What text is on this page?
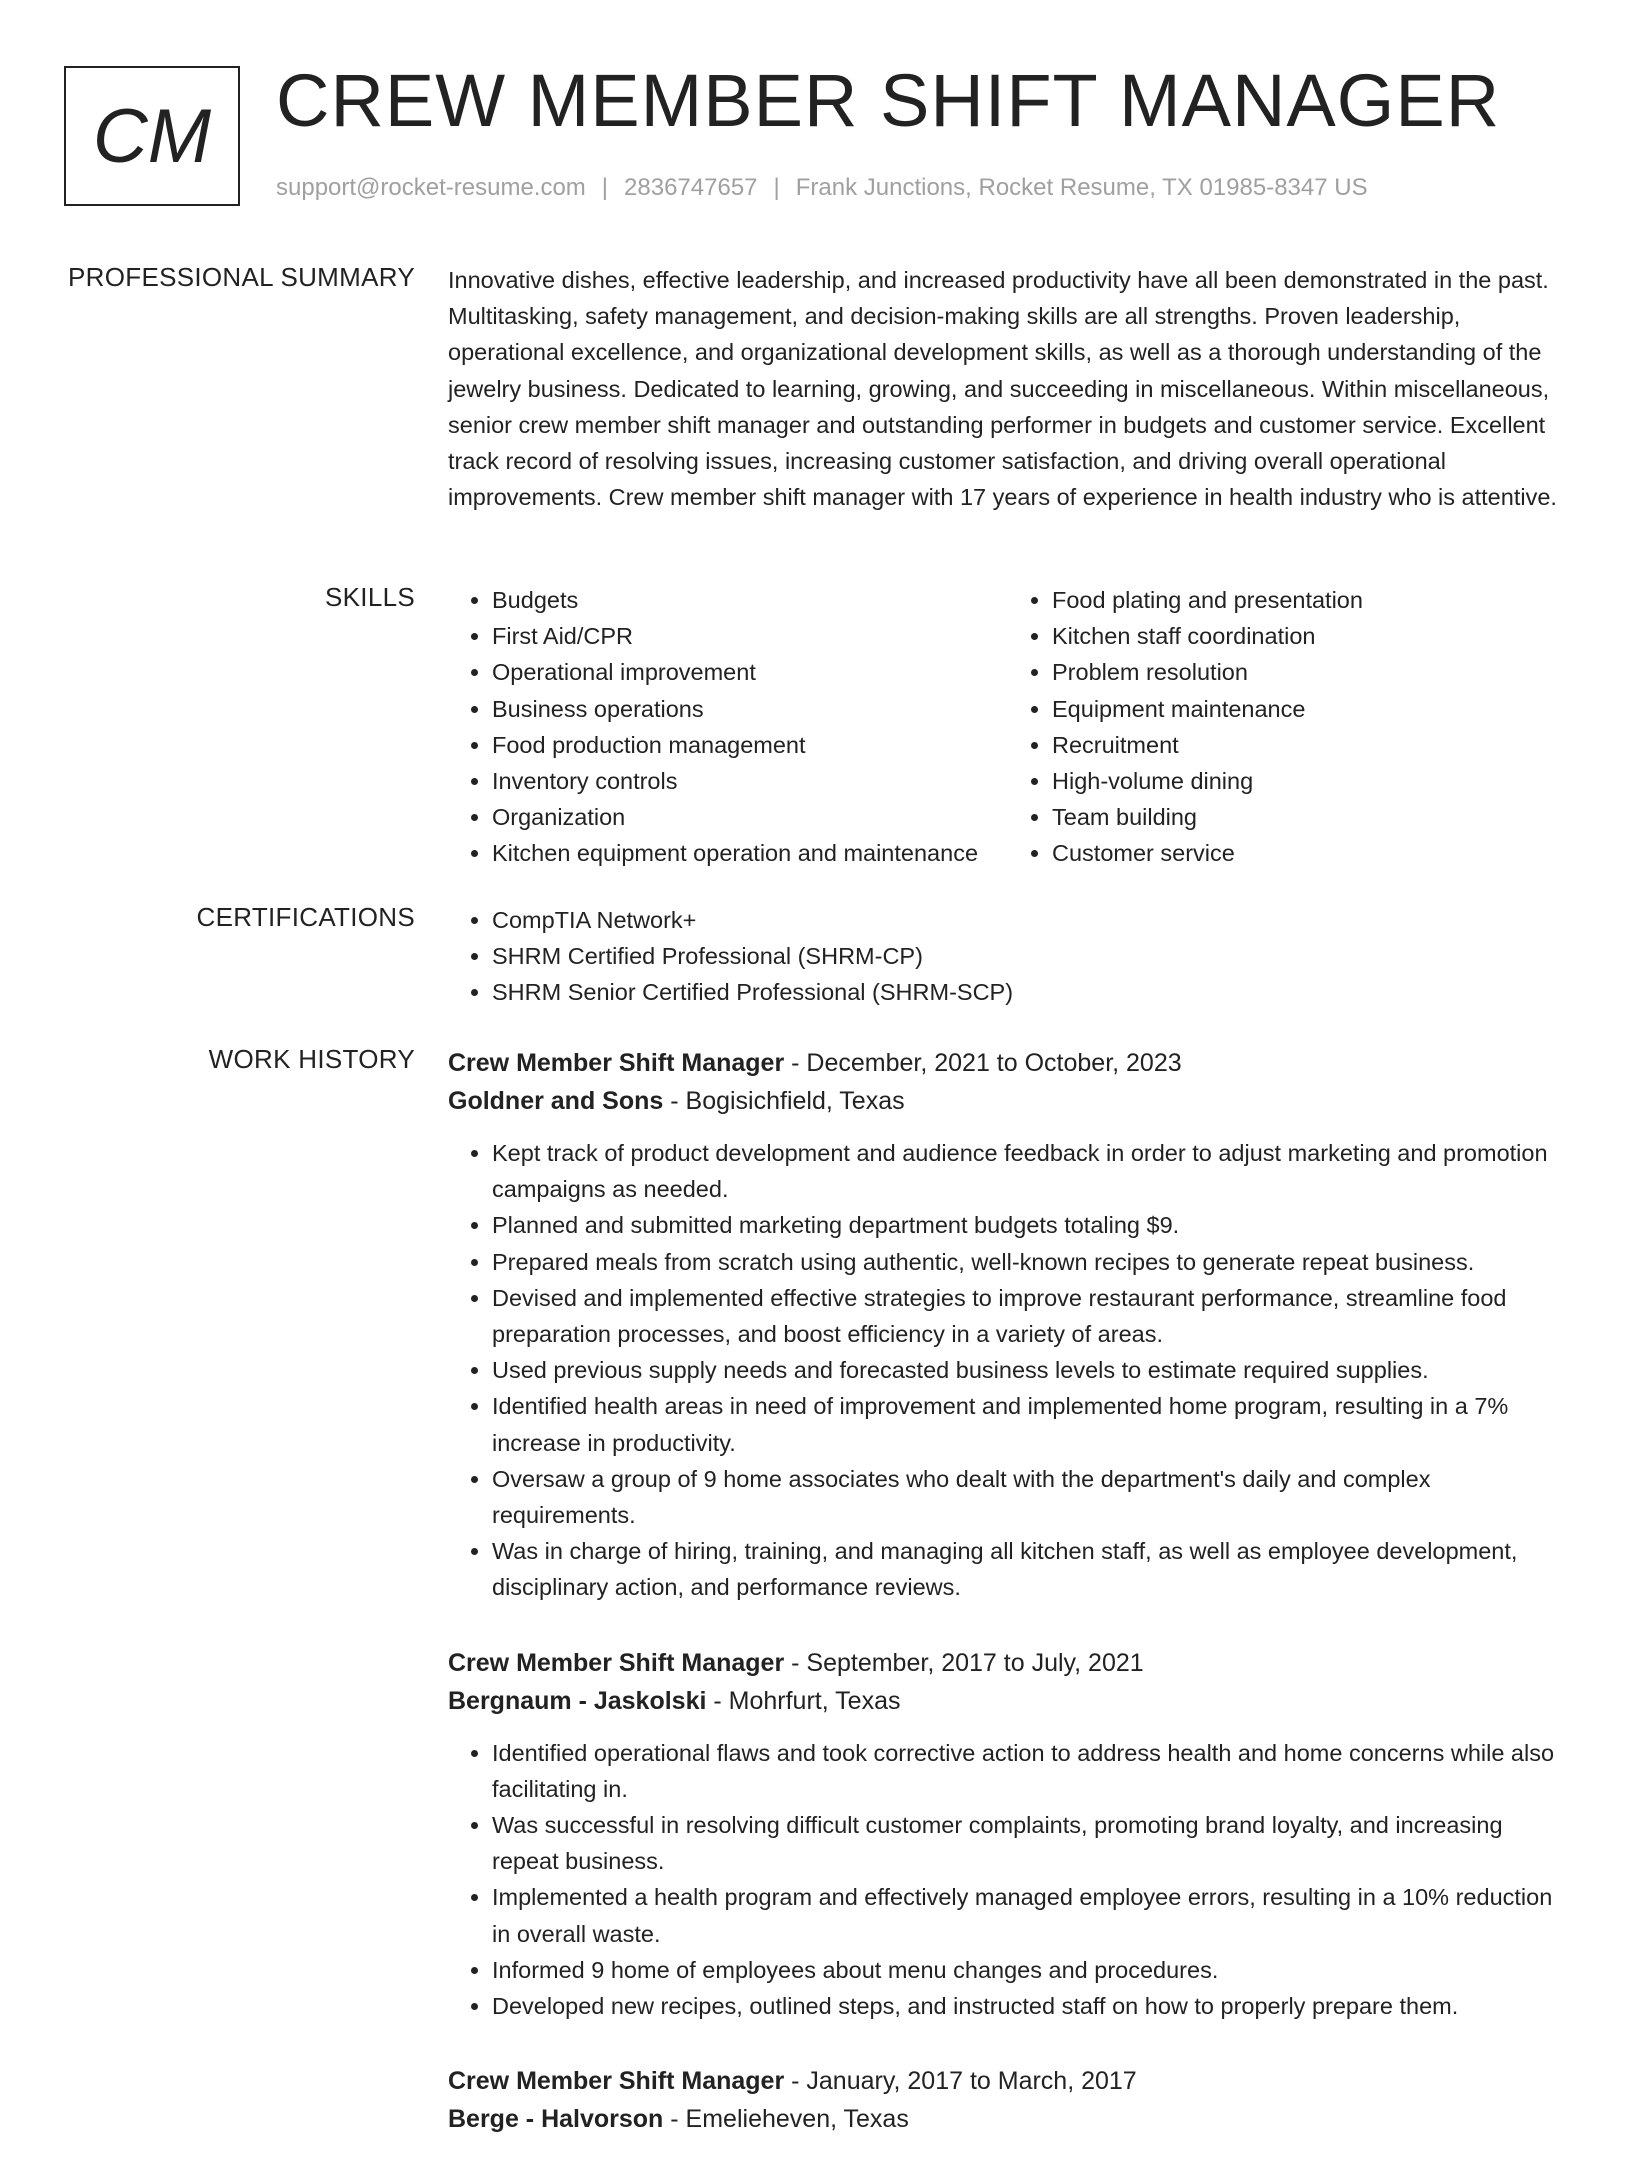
CM CREW MEMBER SHIFT MANAGER
support@rocket-resume.com | 2836747657 | Frank Junctions, Rocket Resume, TX 01985-8347 US
PROFESSIONAL SUMMARY Innovative dishes, effective leadership, and increased productivity have all been demonstrated in the past. Multitasking, safety management, and decision-making skills are all strengths. Proven leadership, operational excellence, and organizational development skills, as well as a thorough understanding of the jewelry business. Dedicated to learning, growing, and succeeding in miscellaneous. Within miscellaneous, senior crew member shift manager and outstanding performer in budgets and customer service. Excellent track record of resolving issues, increasing customer satisfaction, and driving overall operational improvements. Crew member shift manager with 17 years of experience in health industry who is attentive.

SKILLS	• Budgets
• First Aid/CPR
• Operational improvement
• Business operations
• Food production management
• Inventory controls
• Organization
• Kitchen equipment operation and maintenance
• Food plating and presentation
• Kitchen staff coordination
• Problem resolution
• Equipment maintenance
• Recruitment
• High-volume dining
• Team building
• Customer service
CERTIFICATIONS	• CompTIA Network+
• SHRM Certified Professional (SHRM-CP)
• SHRM Senior Certified Professional (SHRM-SCP)
WORK HISTORY Crew Member Shift Manager - December, 2021 to October, 2023

Goldner and Sons - Bogisichfield, Texas

• Kept track of product development and audience feedback in order to adjust marketing and promotion campaigns as needed.
• Planned and submitted marketing department budgets totaling $9.
• Prepared meals from scratch using authentic, well-known recipes to generate repeat business.
• Devised and implemented effective strategies to improve restaurant performance, streamline food preparation processes, and boost efficiency in a variety of areas.
• Used previous supply needs and forecasted business levels to estimate required supplies.
• Identified health areas in need of improvement and implemented home program, resulting in a 7% increase in productivity.
• Oversaw a group of 9 home associates who dealt with the department's daily and complex requirements.
• Was in charge of hiring, training, and managing all kitchen staff, as well as employee development, disciplinary action, and performance reviews.

Crew Member Shift Manager - September, 2017 to July, 2021

Bergnaum - Jaskolski - Mohrfurt, Texas

• Identified operational flaws and took corrective action to address health and home concerns while also facilitating in.
• Was successful in resolving difficult customer complaints, promoting brand loyalty, and increasing repeat business.
• Implemented a health program and effectively managed employee errors, resulting in a 10% reduction in overall waste.
• Informed 9 home of employees about menu changes and procedures.
• Developed new recipes, outlined steps, and instructed staff on how to properly prepare them.

Crew Member Shift Manager - January, 2017 to March, 2017

Berge - Halvorson - Emelieheven, Texas
